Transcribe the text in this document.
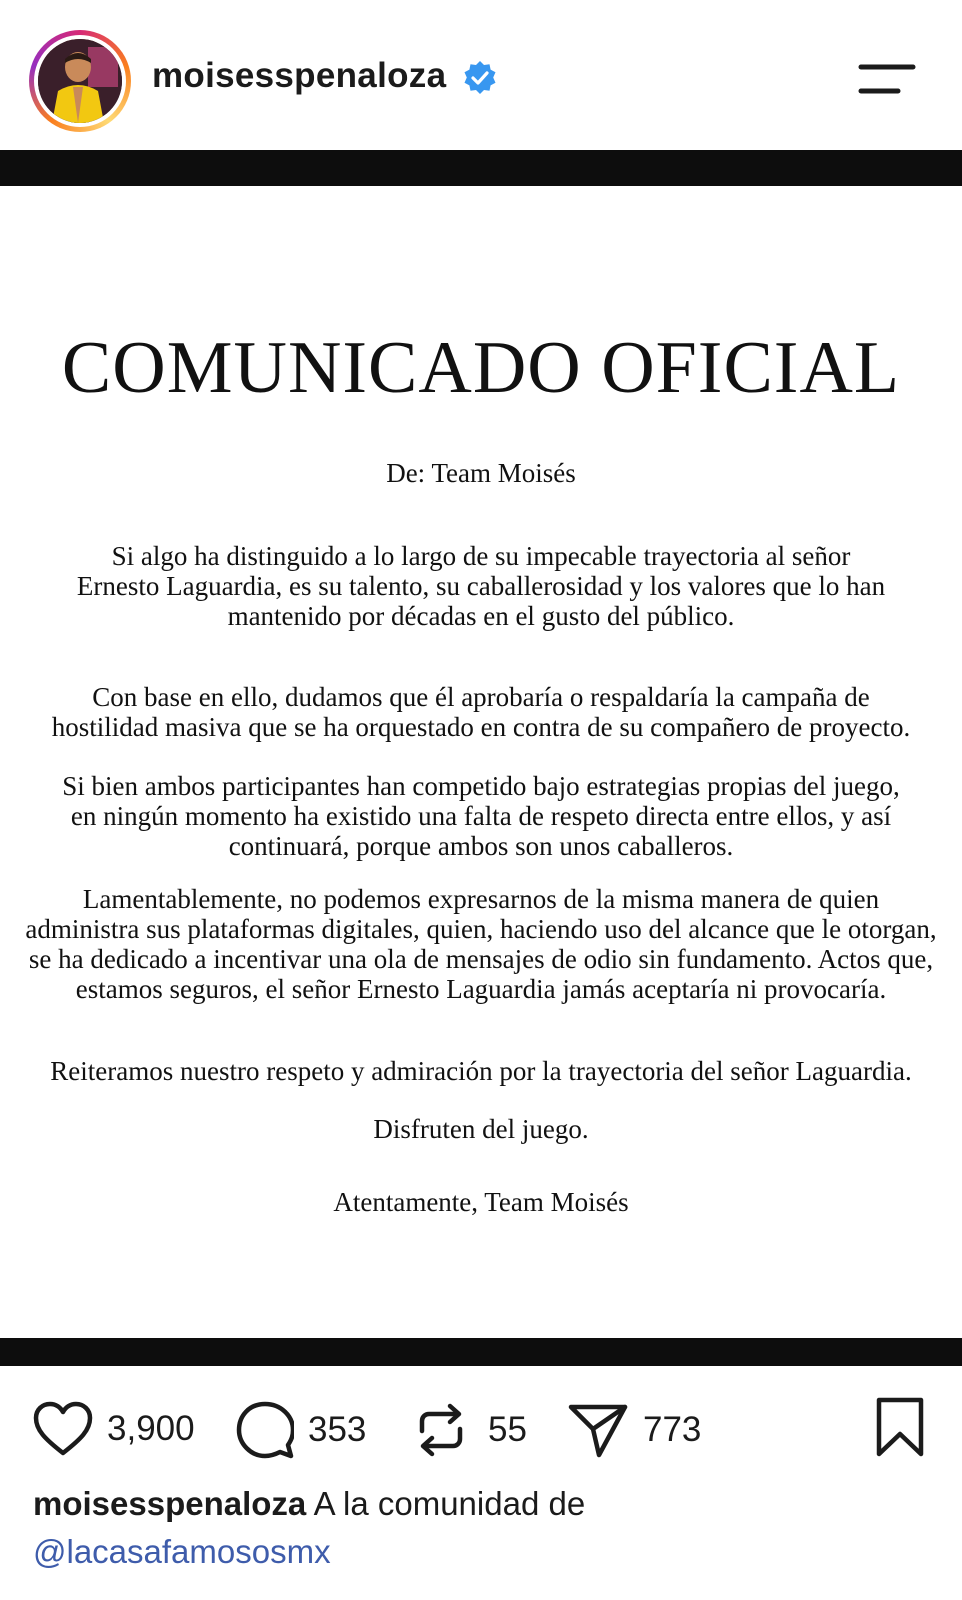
moisesspenaloza
COMUNICADO OFICIAL
De: Team Moisés
Si algo ha distinguido a lo largo de su impecable trayectoria al señor
Ernesto Laguardia, es su talento, su caballerosidad y los valores que lo han
mantenido por décadas en el gusto del público.
Con base en ello, dudamos que él aprobaría o respaldaría la campaña de
hostilidad masiva que se ha orquestado en contra de su compañero de proyecto.
Si bien ambos participantes han competido bajo estrategias propias del juego,
en ningún momento ha existido una falta de respeto directa entre ellos, y así
continuará, porque ambos son unos caballeros.
Lamentablemente, no podemos expresarnos de la misma manera de quien
administra sus plataformas digitales, quien, haciendo uso del alcance que le otorgan,
se ha dedicado a incentivar una ola de mensajes de odio sin fundamento. Actos que,
estamos seguros, el señor Ernesto Laguardia jamás aceptaría ni provocaría.
Reiteramos nuestro respeto y admiración por la trayectoria del señor Laguardia.
Disfruten del juego.
Atentamente, Team Moisés
3,900	353	55	773
moisesspenaloza A la comunidad de
@lacasafamososmx
